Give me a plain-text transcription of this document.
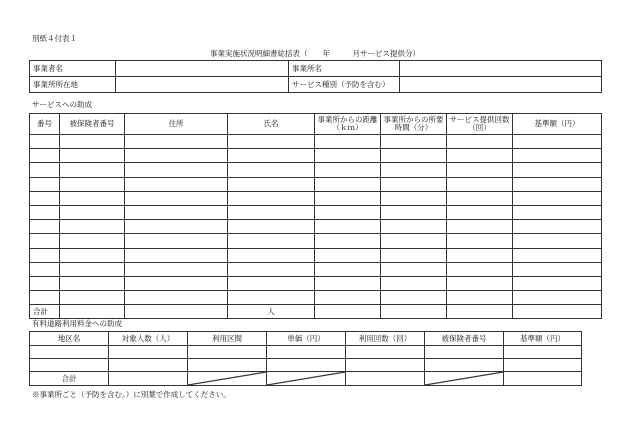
別紙４付表１
事業実施状況明細書総括表（　　年　　　月サービス提供分）
事業者名		事業所名	
事業所所在地		サービス種別（予防を含む）	
サービスへの助成
番号	被保険者番号	住所	氏名	事業所からの距離（ｋｍ）	事業所からの所要時間（分）	サービス提供回数（回）	基準額（円）

合計			人				
有料道路利用料金への助成
地区名	対象人数（人）	利用区間	単価（円）	利用回数（回）	被保険者番号	基準額（円）

合計		

※事業所ごと（予防を含む。）に別葉で作成してください。
